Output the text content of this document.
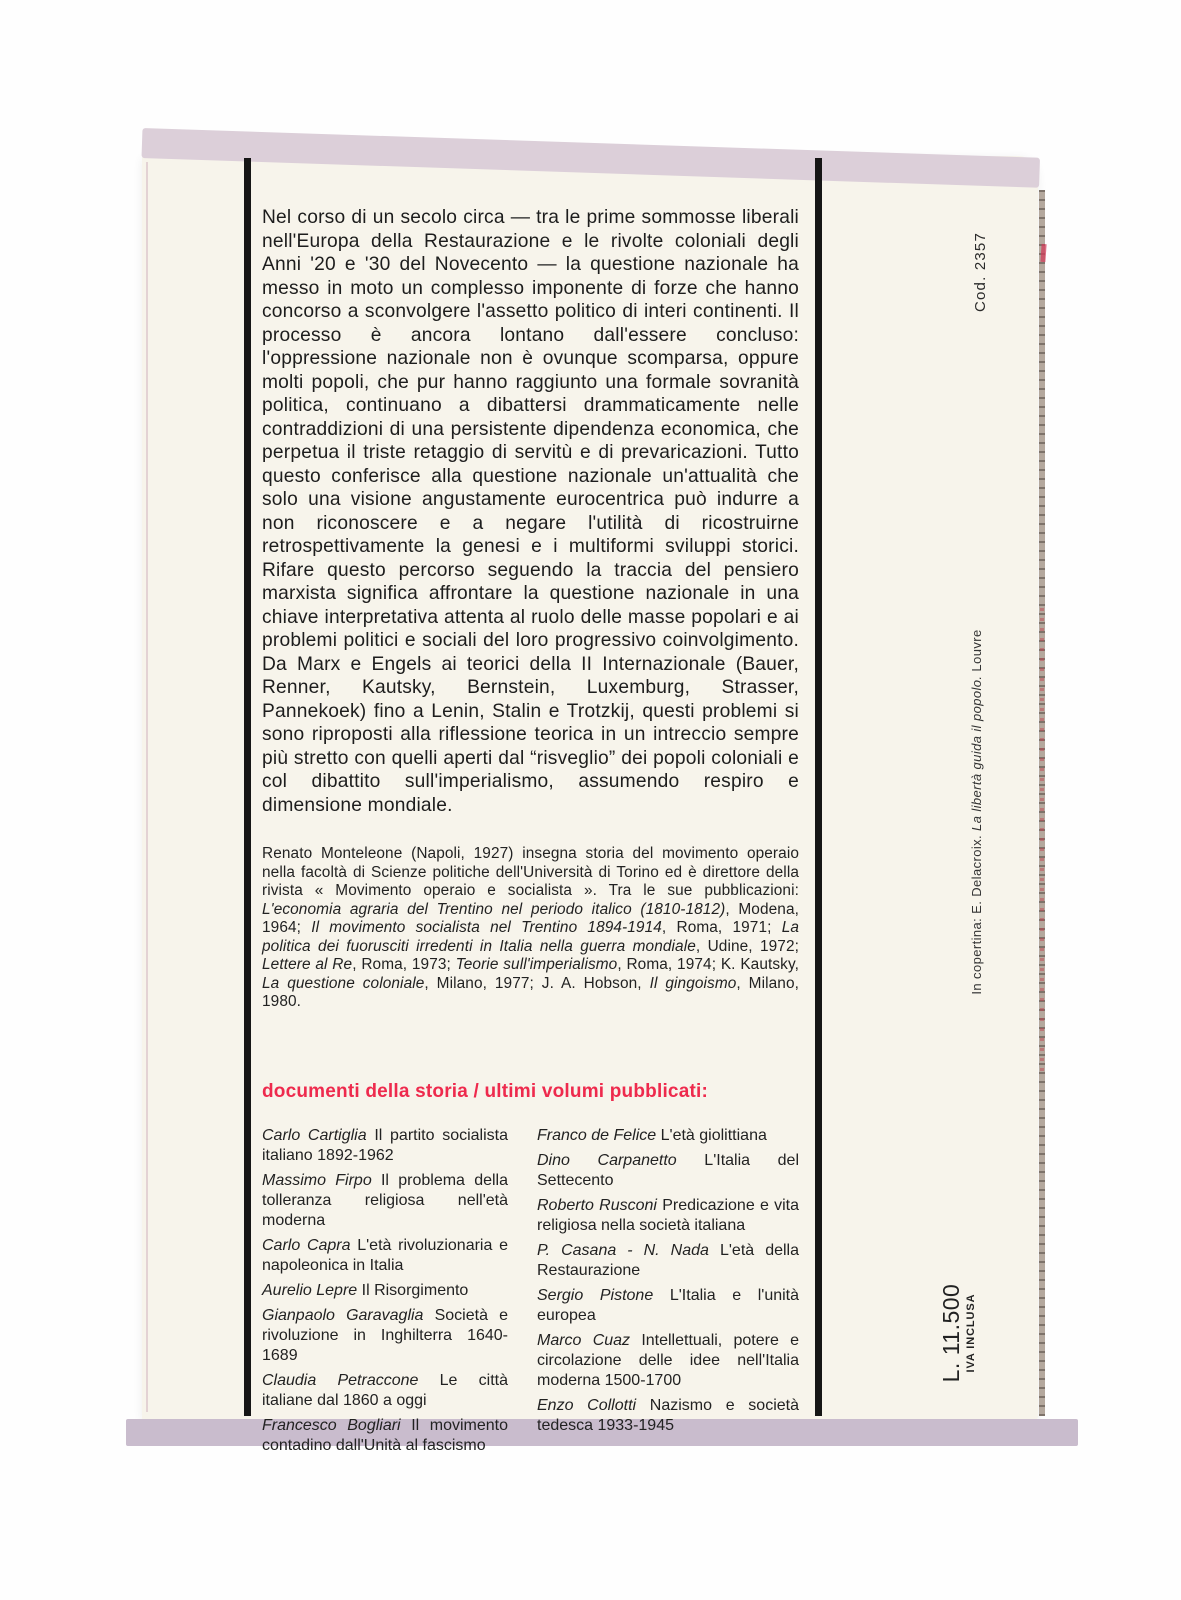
Nel corso di un secolo circa — tra le prime sommosse liberali nell'Europa della Restaurazione e le rivolte coloniali degli Anni '20 e '30 del Novecento — la questione nazionale ha messo in moto un complesso imponente di forze che hanno concorso a sconvolgere l'assetto politico di interi continenti. Il processo è ancora lontano dall'essere concluso: l'oppressione nazionale non è ovunque scomparsa, oppure molti popoli, che pur hanno raggiunto una formale sovranità politica, continuano a dibattersi drammaticamente nelle contraddizioni di una persistente dipendenza economica, che perpetua il triste retaggio di servitù e di prevaricazioni. Tutto questo conferisce alla questione nazionale un'attualità che solo una visione angustamente eurocentrica può indurre a non riconoscere e a negare l'utilità di ricostruirne retrospettivamente la genesi e i multiformi sviluppi storici. Rifare questo percorso seguendo la traccia del pensiero marxista significa affrontare la questione nazionale in una chiave interpretativa attenta al ruolo delle masse popolari e ai problemi politici e sociali del loro progressivo coinvolgimento. Da Marx e Engels ai teorici della II Internazionale (Bauer, Renner, Kautsky, Bernstein, Luxemburg, Strasser, Pannekoek) fino a Lenin, Stalin e Trotzkij, questi problemi si sono riproposti alla riflessione teorica in un intreccio sempre più stretto con quelli aperti dal “risveglio” dei popoli coloniali e col dibattito sull'imperialismo, assumendo respiro e dimensione mondiale.

Renato Monteleone (Napoli, 1927) insegna storia del movimento operaio nella facoltà di Scienze politiche dell'Università di Torino ed è direttore della rivista « Movimento operaio e socialista ». Tra le sue pubblicazioni: L'economia agraria del Trentino nel periodo italico (1810-1812), Modena, 1964; Il movimento socialista nel Trentino 1894-1914, Roma, 1971; La politica dei fuorusciti irredenti in Italia nella guerra mondiale, Udine, 1972; Lettere al Re, Roma, 1973; Teorie sull'imperialismo, Roma, 1974; K. Kautsky, La questione coloniale, Milano, 1977; J. A. Hobson, Il gingoismo, Milano, 1980.

documenti della storia / ultimi volumi pubblicati:

Carlo Cartiglia Il partito socialista italiano 1892-1962

Massimo Firpo Il problema della tolleranza religiosa nell'età moderna

Carlo Capra L'età rivoluzionaria e napoleonica in Italia

Aurelio Lepre Il Risorgimento

Gianpaolo Garavaglia Società e rivoluzione in Inghilterra 1640-1689

Claudia Petraccone Le città italiane dal 1860 a oggi

Francesco Bogliari Il movimento contadino dall'Unità al fascismo

Franco de Felice L'età giolittiana

Dino Carpanetto L'Italia del Settecento

Roberto Rusconi Predicazione e vita religiosa nella società italiana

P. Casana - N. Nada L'età della Restaurazione

Sergio Pistone L'Italia e l'unità europea

Marco Cuaz Intellettuali, potere e circolazione delle idee nell'Italia moderna 1500-1700

Enzo Collotti Nazismo e società tedesca 1933-1945

Cod. 2357
In copertina: E. Delacroix. La libertà guida il popolo. Louvre
L. 11.500 IVA INCLUSA
